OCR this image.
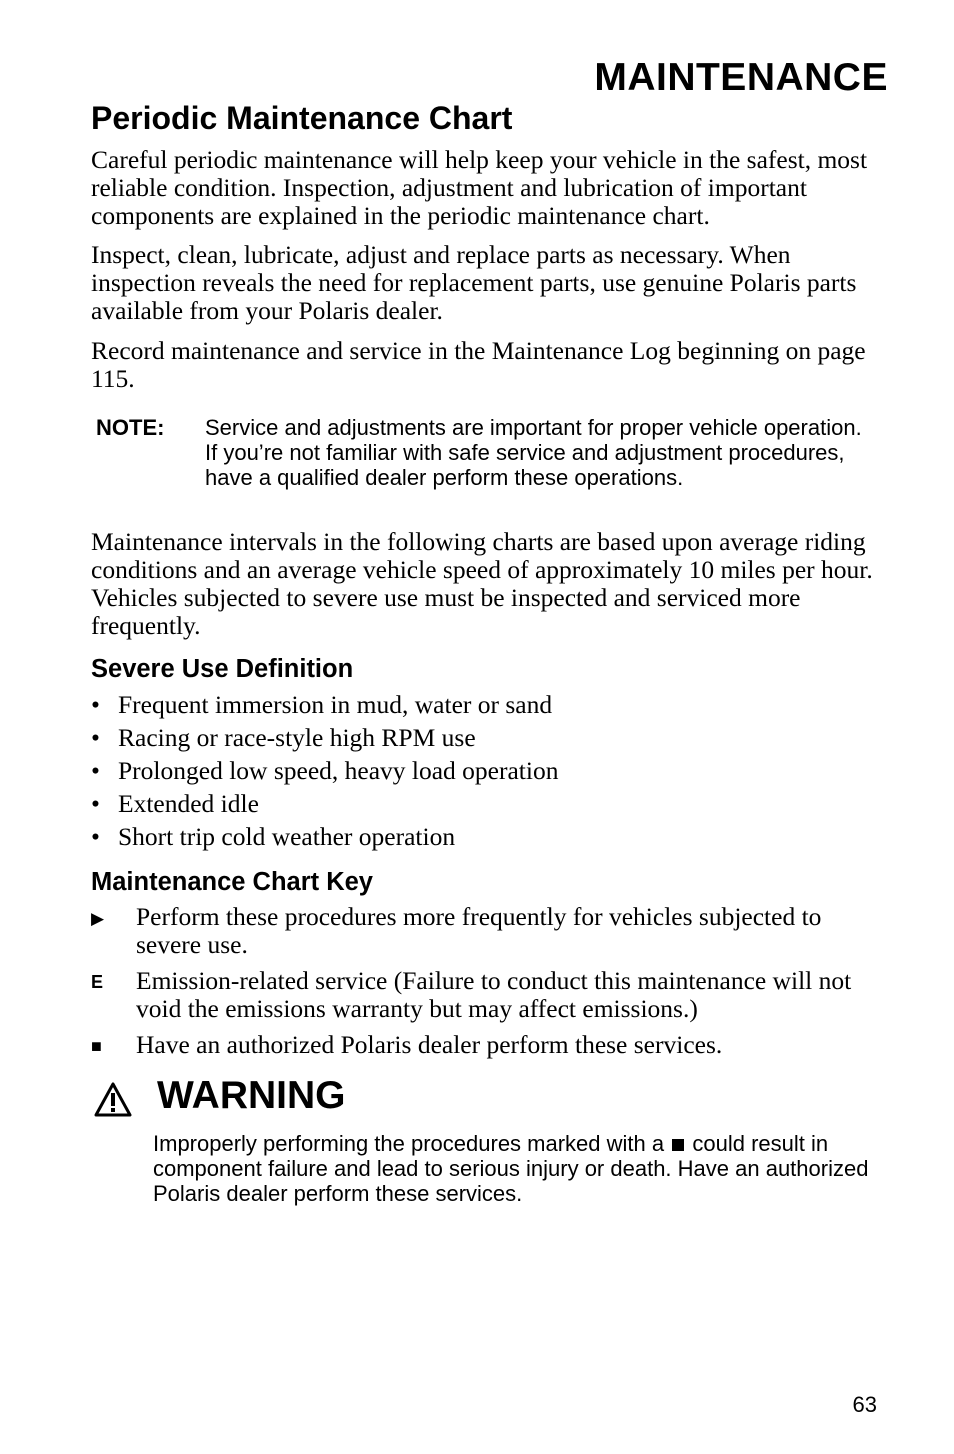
MAINTENANCE
Periodic Maintenance Chart

Careful periodic maintenance will help keep your vehicle in the safest, most reliable condition. Inspection, adjustment and lubrication of important components are explained in the periodic maintenance chart.

Inspect, clean, lubricate, adjust and replace parts as necessary. When inspection reveals the need for replacement parts, use genuine Polaris parts available from your Polaris dealer.

Record maintenance and service in the Maintenance Log beginning on page 115.

NOTE: Service and adjustments are important for proper vehicle operation. If you’re not familiar with safe service and adjustment procedures, have a qualified dealer perform these operations.

Maintenance intervals in the following charts are based upon average riding conditions and an average vehicle speed of approximately 10 miles per hour. Vehicles subjected to severe use must be inspected and serviced more frequently.

Severe Use Definition
• Frequent immersion in mud, water or sand
• Racing or race-style high RPM use
• Prolonged low speed, heavy load operation
• Extended idle
• Short trip cold weather operation
Maintenance Chart Key
▶ Perform these procedures more frequently for vehicles subjected to severe use.
E Emission-related service (Failure to conduct this maintenance will not void the emissions warranty but may affect emissions.)
■ Have an authorized Polaris dealer perform these services.
WARNING

Improperly performing the procedures marked with a could result in component failure and lead to serious injury or death. Have an authorized Polaris dealer perform these services.

63
